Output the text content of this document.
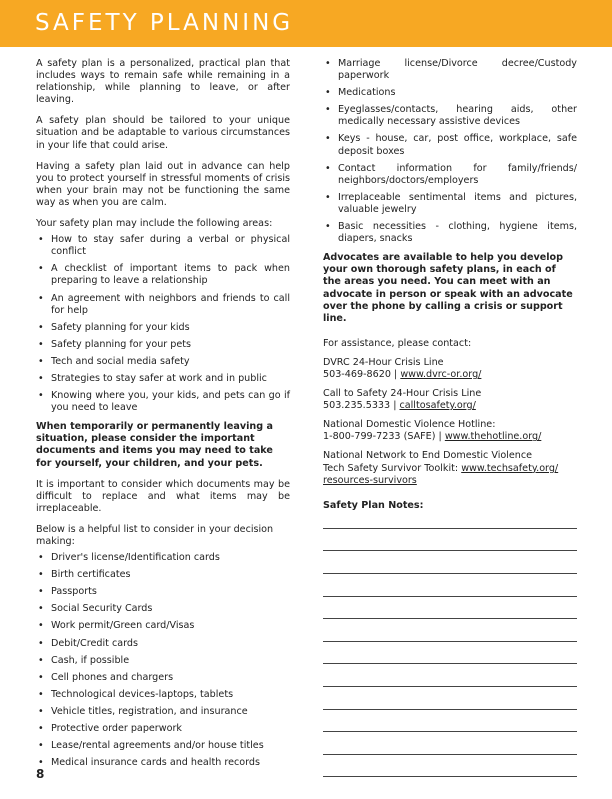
SAFETY PLANNING

A safety plan is a personalized, practical plan that includes ways to remain safe while remaining in a relationship, while planning to leave, or after leaving.

A safety plan should be tailored to your unique situation and be adaptable to various circumstances in your life that could arise.

Having a safety plan laid out in advance can help you to protect yourself in stressful moments of crisis when your brain may not be functioning the same way as when you are calm.

Your safety plan may include the following areas:

• How to stay safer during a verbal or physical conflict
• A checklist of important items to pack when preparing to leave a relationship
• An agreement with neighbors and friends to call for help
• Safety planning for your kids
• Safety planning for your pets
• Tech and social media safety
• Strategies to stay safer at work and in public
• Knowing where you, your kids, and pets can go if you need to leave

When temporarily or permanently leaving a situation, please consider the important documents and items you may need to take for yourself, your children, and your pets.

It is important to consider which documents may be difficult to replace and what items may be irreplaceable.

Below is a helpful list to consider in your decision making:

• Driver's license/Identification cards
• Birth certificates
• Passports
• Social Security Cards
• Work permit/Green card/Visas
• Debit/Credit cards
• Cash, if possible
• Cell phones and chargers
• Technological devices-laptops, tablets
• Vehicle titles, registration, and insurance
• Protective order paperwork
• Lease/rental agreements and/or house titles
• Medical insurance cards and health records
• Marriage license/Divorce decree/Custody paperwork
• Medications
• Eyeglasses/contacts, hearing aids, other medically necessary assistive devices
• Keys - house, car, post office, workplace, safe deposit boxes
• Contact information for family/friends/ neighbors/doctors/employers
• Irreplaceable sentimental items and pictures, valuable jewelry
• Basic necessities - clothing, hygiene items, diapers, snacks

Advocates are available to help you develop your own thorough safety plans, in each of the areas you need. You can meet with an advocate in person or speak with an advocate over the phone by calling a crisis or support line.

For assistance, please contact:

DVRC 24-Hour Crisis Line
503-469-8620 | www.dvrc-or.org/
Call to Safety 24-Hour Crisis Line
503.235.5333 | calltosafety.org/
National Domestic Violence Hotline:
1-800-799-7233 (SAFE) | www.thehotline.org/
National Network to End Domestic Violence
Tech Safety Survivor Toolkit: www.techsafety.org/ resources-survivors
Safety Plan Notes:
8
